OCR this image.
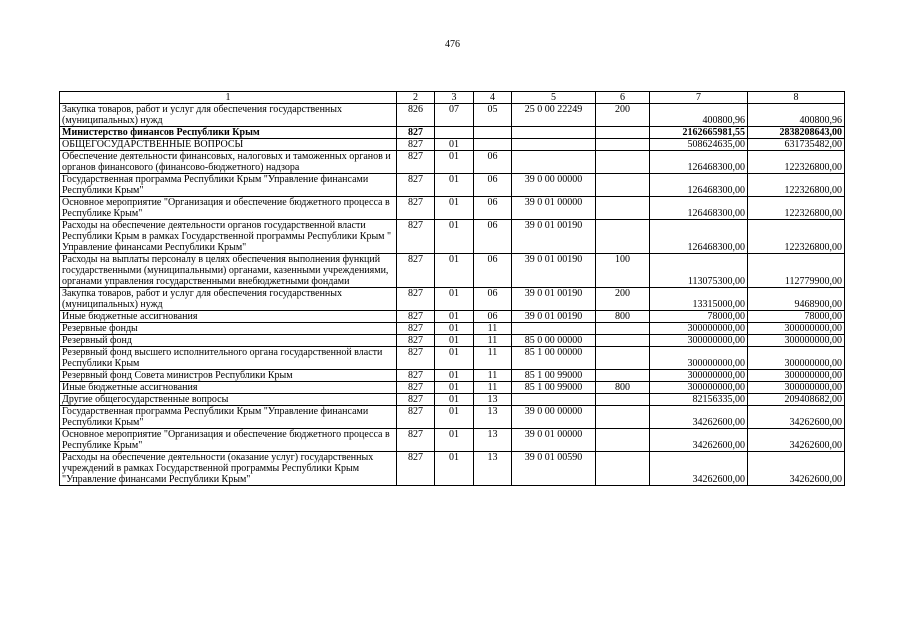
476
1	2	3	4	5	6	7	8
Закупка товаров, работ и услуг для обеспечения государственных (муниципальных) нужд	826	07	05	25 0 00 22249	200	400800,96	400800,96
Министерство финансов Республики Крым	827					2162665981,55	2838208643,00
ОБЩЕГОСУДАРСТВЕННЫЕ ВОПРОСЫ	827	01				508624635,00	631735482,00
Обеспечение деятельности финансовых, налоговых и таможенных органов и органов финансового (финансово-бюджетного) надзора	827	01	06			126468300,00	122326800,00
Государственная программа Республики Крым "Управление финансами Республики Крым"	827	01	06	39 0 00 00000		126468300,00	122326800,00
Основное мероприятие "Организация и обеспечение бюджетного процесса в Республике Крым"	827	01	06	39 0 01 00000		126468300,00	122326800,00
Расходы на обеспечение деятельности органов государственной власти Республики Крым в рамках Государственной программы Республики Крым " Управление финансами Республики Крым"	827	01	06	39 0 01 00190		126468300,00	122326800,00
Расходы на выплаты персоналу в целях обеспечения выполнения функций государственными (муниципальными) органами, казенными учреждениями, органами управления государственными внебюджетными фондами	827	01	06	39 0 01 00190	100	113075300,00	112779900,00
Закупка товаров, работ и услуг для обеспечения государственных (муниципальных) нужд	827	01	06	39 0 01 00190	200	13315000,00	9468900,00
Иные бюджетные ассигнования	827	01	06	39 0 01 00190	800	78000,00	78000,00
Резервные фонды	827	01	11			300000000,00	300000000,00
Резервный фонд	827	01	11	85 0 00 00000		300000000,00	300000000,00
Резервный фонд высшего исполнительного органа государственной власти Республики Крым	827	01	11	85 1 00 00000		300000000,00	300000000,00
Резервный фонд Совета министров Республики Крым	827	01	11	85 1 00 99000		300000000,00	300000000,00
Иные бюджетные ассигнования	827	01	11	85 1 00 99000	800	300000000,00	300000000,00
Другие общегосударственные вопросы	827	01	13			82156335,00	209408682,00
Государственная программа Республики Крым "Управление финансами Республики Крым"	827	01	13	39 0 00 00000		34262600,00	34262600,00
Основное мероприятие "Организация и обеспечение бюджетного процесса в Республике Крым"	827	01	13	39 0 01 00000		34262600,00	34262600,00
Расходы на обеспечение деятельности (оказание услуг) государственных учреждений в рамках Государственной программы Республики Крым "Управление финансами Республики Крым"	827	01	13	39 0 01 00590		34262600,00	34262600,00
